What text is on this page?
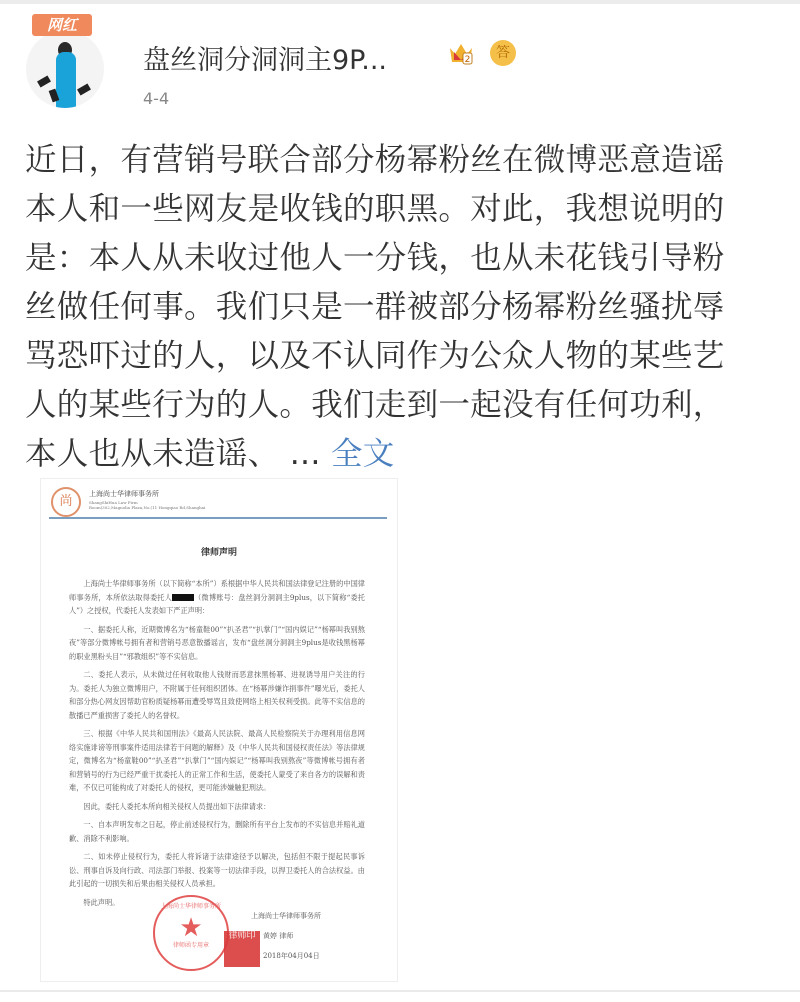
网红
盘丝洞分洞洞主9P...	2	答
4-4
近日，有营销号联合部分杨幂粉丝在微博恶意造谣
本人和一些网友是收钱的职黑。对此，我想说明的
是：本人从未收过他人一分钱，也从未花钱引导粉
丝做任何事。我们只是一群被部分杨幂粉丝骚扰辱
骂恐吓过的人，以及不认同作为公众人物的某些艺
人的某些行为的人。我们走到一起没有任何功利，
本人也从未造谣、 ... 全文
尚	上海尚士华律师事务所
ShangShiHua Law Firm
Room(302,Magnolia Plaza,No.(11 Hongqiao Rd,Shanghai
律师声明

上海尚士华律师事务所（以下简称“本所”）系根据中华人民共和国法律登记注册的中国律师事务所，本所依法取得委托人	（微博账号：盘丝洞分洞洞主9plus，以下简称“委托人”）之授权，代委托人发表如下严正声明：

一、据委托人称，近期微博名为“杨童鞋00”“扒圣君”“扒掌门”“国内娱记”“杨幂叫我别熬夜”等部分微博帐号拥有者和营销号恶意散播谣言，发布“盘丝洞分洞洞主9plus是收钱黑杨幂的职业黑粉头目”“邪教组织”等不实信息。

二、委托人表示，从未做过任何收取他人钱财而恶意抹黑杨幂、进视诱导用户关注的行为。委托人为独立微博用户，不附属于任何组织团体。在“杨幂涉嫌诈捐事件”曝光后，委托人和部分热心网友因帮助官粉质疑杨幂而遭受辱骂且致使网络上相关权利受损。此等不实信息的散播已严重损害了委托人的名誉权。

三、根据《中华人民共和国刑法》《最高人民法院、最高人民检察院关于办理利用信息网络实施诽谤等刑事案件适用法律若干问题的解释》及《中华人民共和国侵权责任法》等法律规定，微博名为“杨童鞋00”“扒圣君”“扒掌门”“国内娱记”“杨幂叫我别熬夜”等微博帐号拥有者和营销号的行为已经严重干扰委托人的正常工作和生活，使委托人蒙受了来自各方的误解和责难，不仅已可能构成了对委托人的侵权，更可能涉嫌触犯刑法。

因此，委托人委托本所向相关侵权人员提出如下法律请求：

一、自本声明发布之日起，停止前述侵权行为，删除所有平台上发布的不实信息并赔礼道歉、消除不利影响。

二、如未停止侵权行为，委托人将诉诸于法律途径予以解决，包括但不限于提起民事诉讼、刑事自诉及向行政、司法部门举报、投案等一切法律手段，以捍卫委托人的合法权益。由此引起的一切损失和后果由相关侵权人员承担。

特此声明。

上海尚士华律师事务所
黄婷 律师
2018年04月04日
上海尚士华律师事务所
★
律师函专用章
律师印
